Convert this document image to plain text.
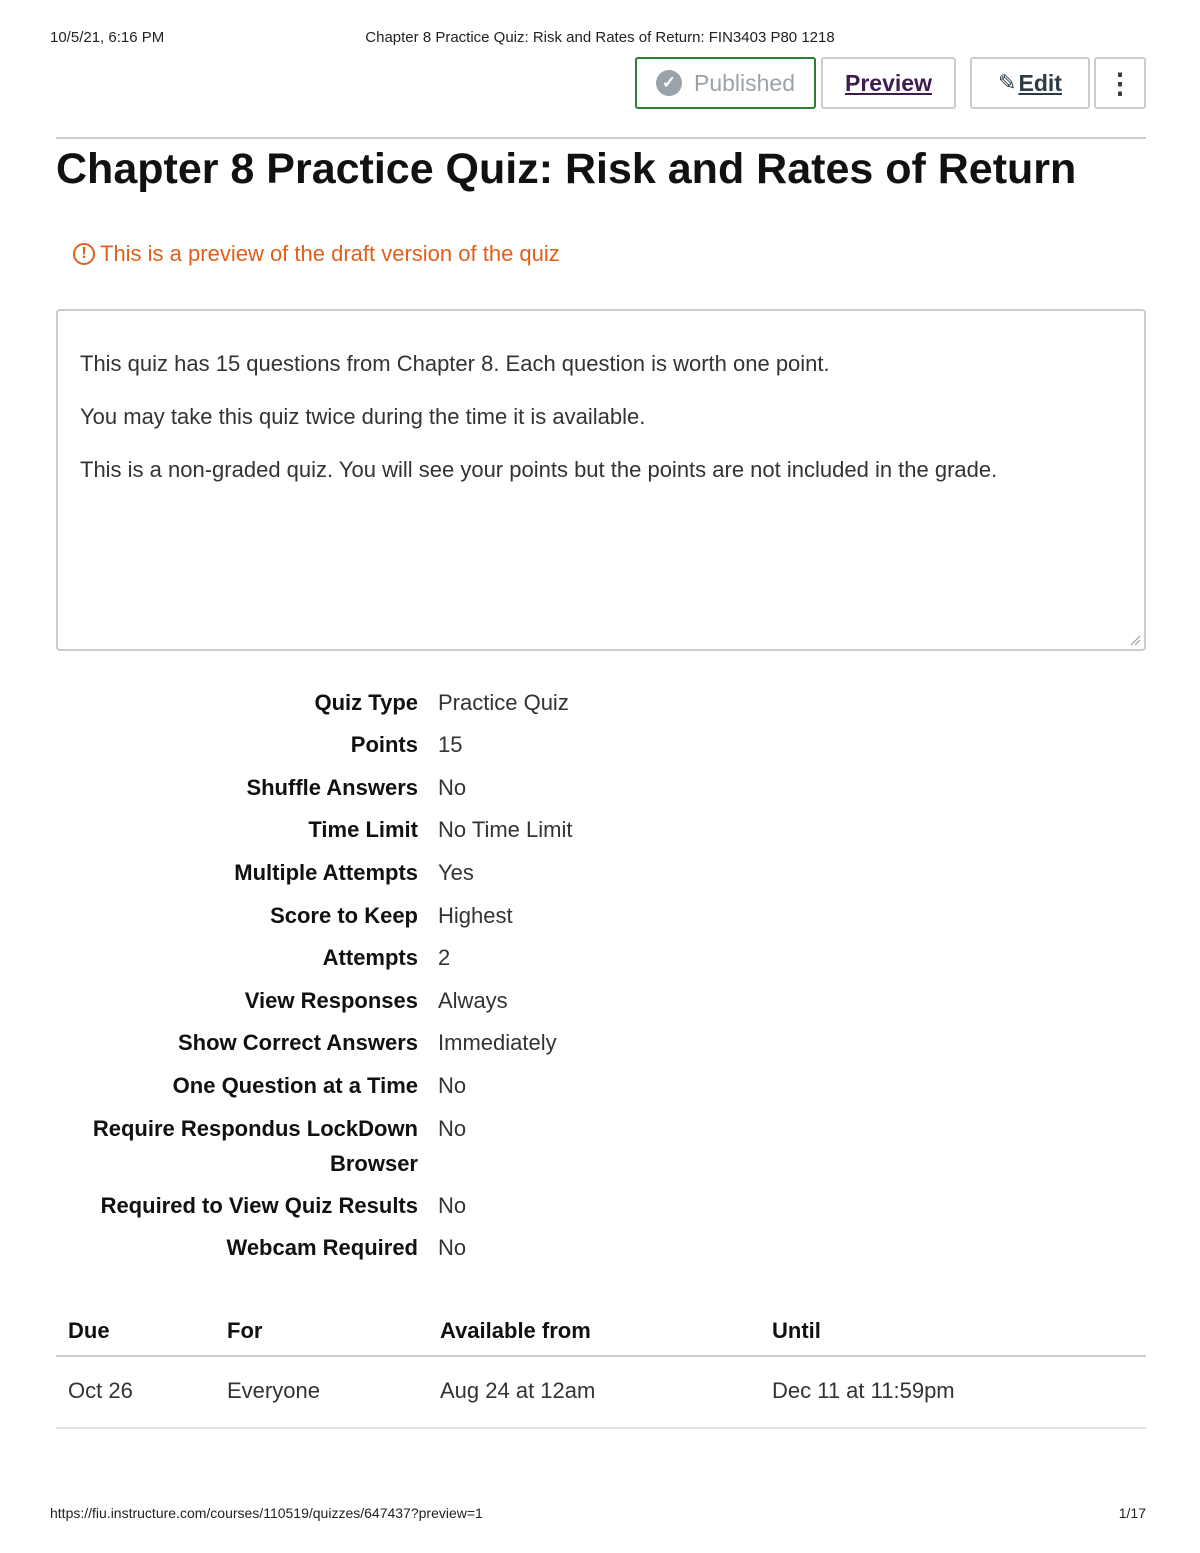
10/5/21, 6:16 PM	Chapter 8 Practice Quiz: Risk and Rates of Return: FIN3403 P80 1218
✓ Published Preview	✎ Edit ⋮
Chapter 8 Practice Quiz: Risk and Rates of Return
! This is a preview of the draft version of the quiz

This quiz has 15 questions from Chapter 8. Each question is worth one point.

You may take this quiz twice during the time it is available.

This is a non-graded quiz. You will see your points but the points are not included in the grade.

Quiz Type Practice Quiz
Points 15
Shuffle Answers No
Time Limit No Time Limit
Multiple Attempts Yes
Score to Keep Highest
Attempts 2
View Responses Always
Show Correct Answers Immediately
One Question at a Time No
Require Respondus LockDown Browser
No
Required to View Quiz Results No
Webcam Required No
Due	For	Available from	Until
Oct 26	Everyone	Aug 24 at 12am	Dec 11 at 11:59pm
https://fiu.instructure.com/courses/110519/quizzes/647437?preview=1	1/17
